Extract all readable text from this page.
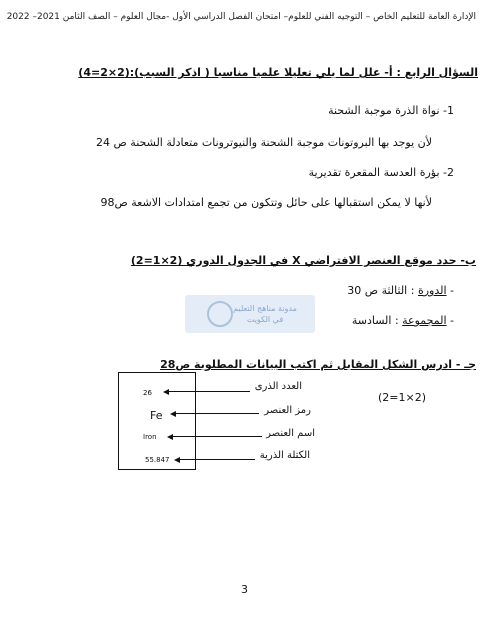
الإدارة العامة للتعليم الخاص – التوجيه الفني للعلوم– امتحان الفصل الدراسي الأول -مجال العلوم – الصف الثامن 2021– 2022
السؤال الرابع : أ- علل لما يلي تعليلا علميا مناسبا ( اذكر السبب):(2×2=4)
1- نواة الذرة موجبة الشحنة
لأن يوجد بها البروتونات موجبة الشحنة والنيوترونات متعادلة الشحنة ص 24
2- بؤرة العدسة المقعرة تقديرية
لأنها لا يمكن استقبالها على حائل وتتكون من تجمع امتدادات الاشعة ص98
ب- حدد موقع العنصر الافتراضي X في الجدول الدوري (2×1=2)
- الدورة : الثالثة ص 30
- المجموعة : السادسة
مدونة مناهج التعليم
في الكويت
جـ - ادرس الشكل المقابل ثم اكتب البيانات المطلوبة ص28
26
Fe
Iron
55.847
العدد الذرى
رمز العنصر
اسم العنصر
الكتلة الذرية
(2=1×2)
3
